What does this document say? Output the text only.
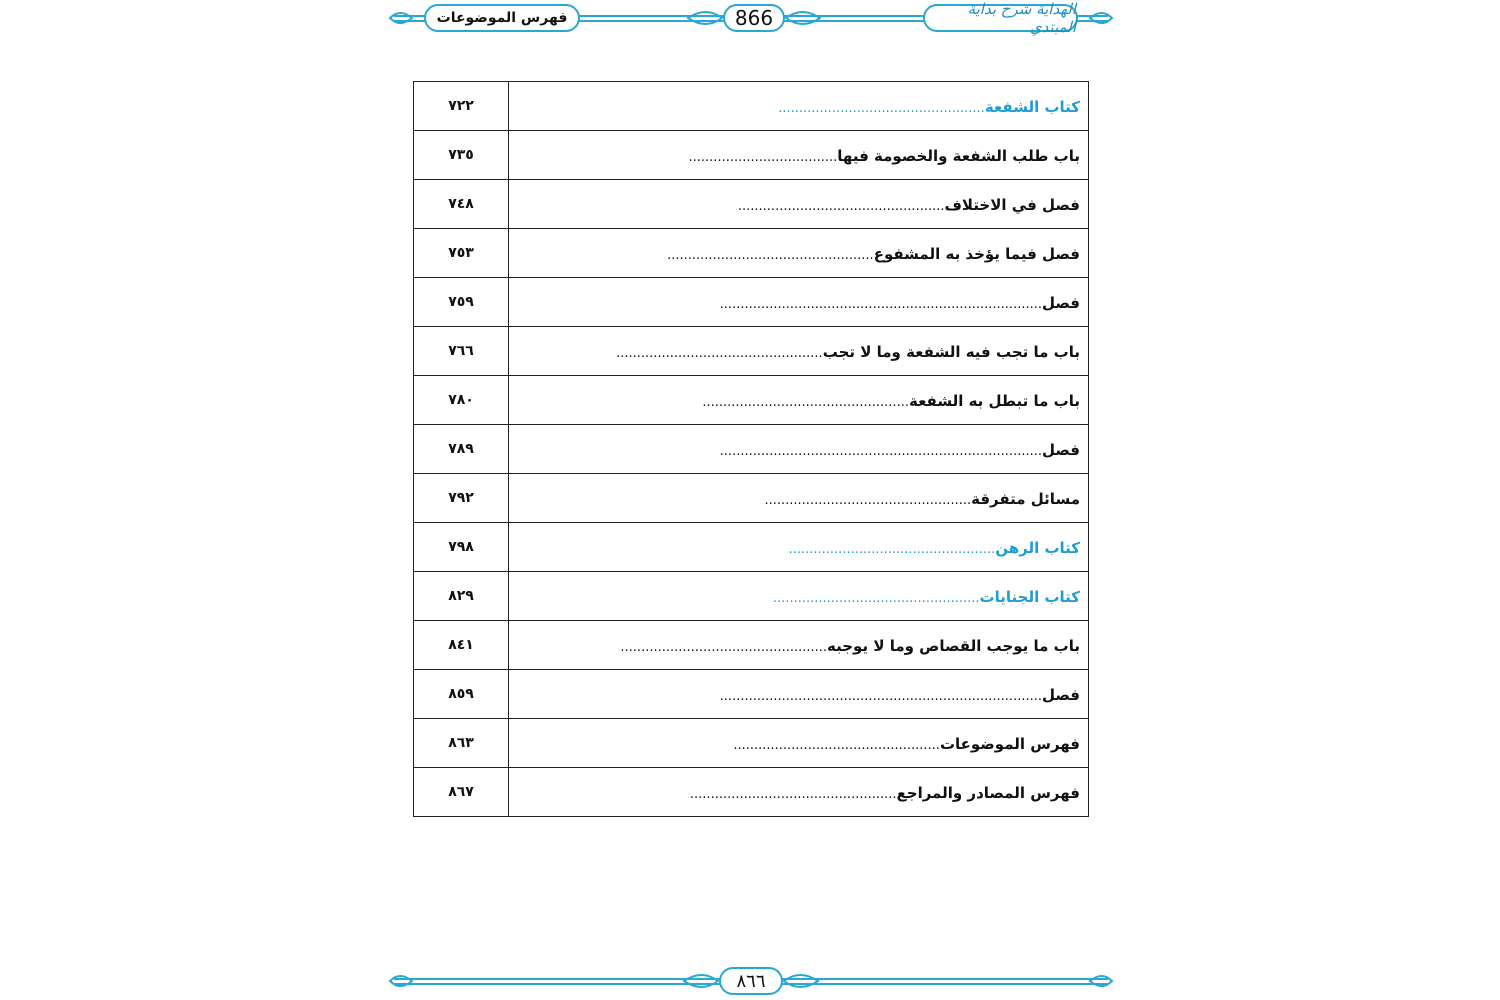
فهرس الموضوعات	866	الهداية شرح بداية المبتدي
كتاب الشفعة..................................................	٧٢٢
باب طلب الشفعة والخصومة فيها....................................	٧٣٥
فصل في الاختلاف..................................................	٧٤٨
فصل فيما يؤخذ به المشفوع..................................................	٧٥٣
فصل..............................................................................	٧٥٩
باب ما تجب فيه الشفعة وما لا تجب..................................................	٧٦٦
باب ما تبطل به الشفعة..................................................	٧٨٠
فصل..............................................................................	٧٨٩
مسائل متفرقة..................................................	٧٩٢
كتاب الرهن..................................................	٧٩٨
كتاب الجنايات..................................................	٨٢٩
باب ما يوجب القصاص وما لا يوجبه..................................................	٨٤١
فصل..............................................................................	٨٥٩
فهرس الموضوعات..................................................	٨٦٣
فهرس المصادر والمراجع..................................................	٨٦٧
٨٦٦
